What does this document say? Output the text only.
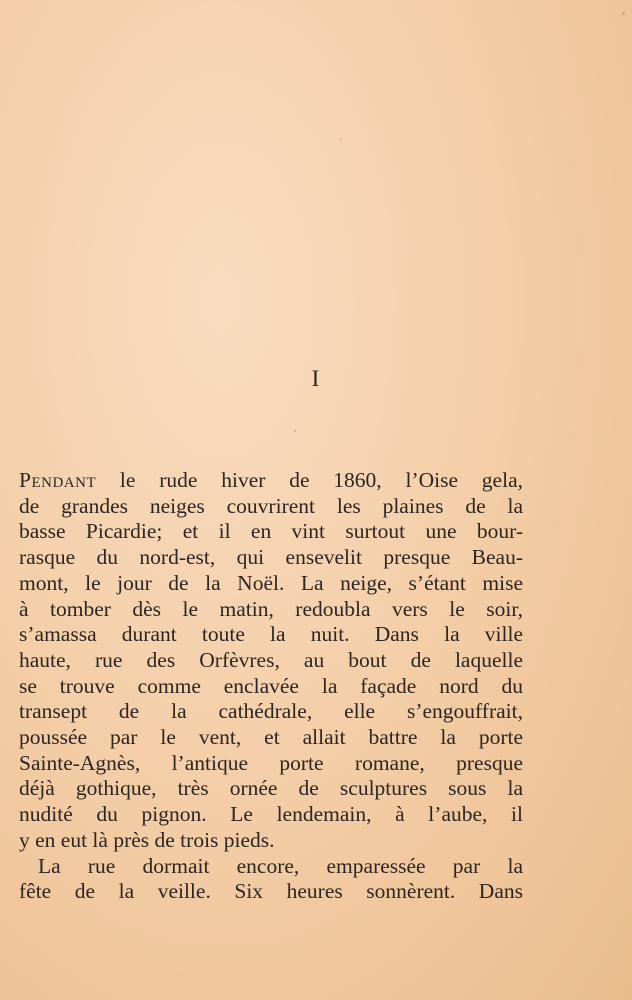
I
Pendant le rude hiver de 1860, l’Oise gela,
de grandes neiges couvrirent les plaines de la
basse Picardie; et il en vint surtout une bour-
rasque du nord-est, qui ensevelit presque Beau-
mont, le jour de la Noël. La neige, s’étant mise
à tomber dès le matin, redoubla vers le soir,
s’amassa durant toute la nuit. Dans la ville
haute, rue des Orfèvres, au bout de laquelle
se trouve comme enclavée la façade nord du
transept de la cathédrale, elle s’engouffrait,
poussée par le vent, et allait battre la porte
Sainte-Agnès, l’antique porte romane, presque
déjà gothique, très ornée de sculptures sous la
nudité du pignon. Le lendemain, à l’aube, il
y en eut là près de trois pieds.
La rue dormait encore, emparessée par la
fête de la veille. Six heures sonnèrent. Dans
